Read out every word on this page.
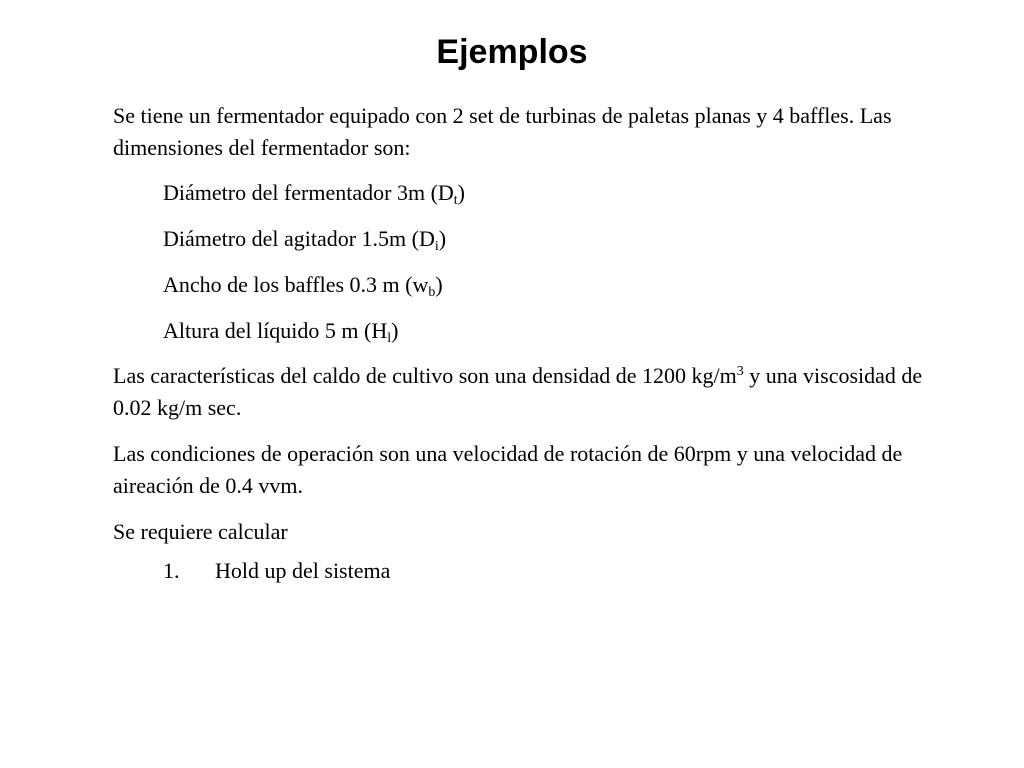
Ejemplos

Se tiene un fermentador equipado con 2 set de turbinas de paletas planas y 4 baffles. Las dimensiones del fermentador son:

Diámetro del fermentador 3m $(D_t)$

Diámetro del agitador 1.5m $(D_i)$

Ancho de los baffles 0.3 m $(w_b)$

Altura del líquido 5 m $(H_l)$

Las características del caldo de cultivo son una densidad de 1200 $kg/m^3$ y una viscosidad de 0.02 kg/m sec.

Las condiciones de operación son una velocidad de rotación de 60rpm y una velocidad de aireación de 0.4 vvm.

Se requiere calcular

1. Hold up del sistema
